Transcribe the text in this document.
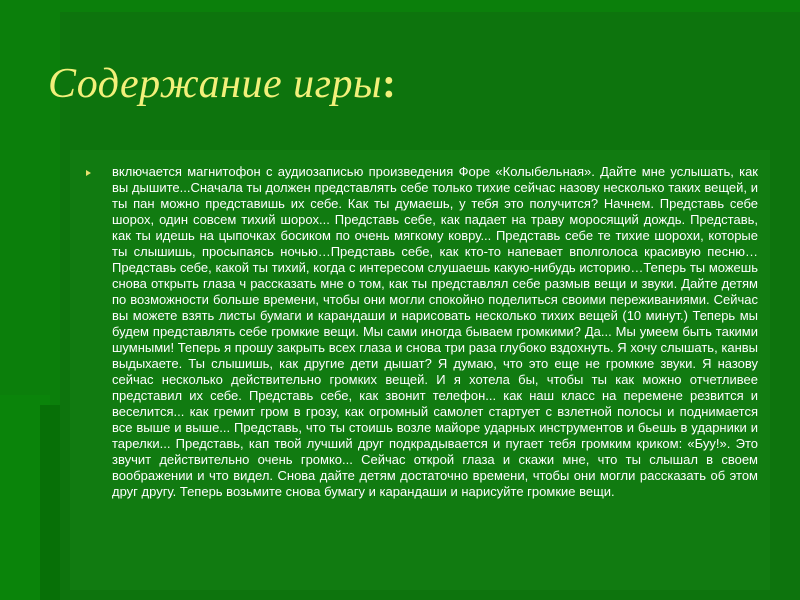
Содержание игры:

включается магнитофон с аудиозаписью произведения Форе «Колыбельная». Дайте мне услышать, как вы дышите...Сначала ты должен представлять себе только тихие сейчас назову несколько таких вещей, и ты пан можно представишь их себе. Как ты думаешь, у тебя это получится? Начнем. Представь себе шорох, один совсем тихий шорох... Представь себе, как падает на траву моросящий дождь. Представь, как ты идешь на цыпочках босиком по очень мягкому ковру... Представь себе те тихие шорохи, которые ты слышишь, просыпаясь ночью…Представь себе, как кто-то напевает вполголоса красивую песню… Представь себе, какой ты тихий, когда с интересом слушаешь какую-нибудь историю…Теперь ты можешь снова открыть глаза ч рассказать мне о том, как ты представлял себе размыв вещи и звуки. Дайте детям по возможности больше времени, чтобы они могли спокойно поделиться своими переживаниями. Сейчас вы можете взять листы бумаги и карандаши и нарисовать несколько тихих вещей (10 минут.) Теперь мы будем представлять себе громкие вещи. Мы сами иногда бываем громкими? Да... Мы умеем быть такими шумными! Теперь я прошу закрыть всех глаза и снова три раза глубоко вздохнуть. Я хочу слышать, канвы выдыхаете. Ты слышишь, как другие дети дышат? Я думаю, что это еще не громкие звуки. Я назову сейчас несколько действительно громких вещей. И я хотела бы, чтобы ты как можно отчетливее представил их себе. Представь себе, как звонит телефон... как наш класс на перемене резвится и веселится... как гремит гром в грозу, как огромный самолет стартует с взлетной полосы и поднимается все выше и выше... Представь, что ты стоишь возле майоре ударных инструментов и бьешь в ударники и тарелки... Представь, кап твой лучший друг подкрадывается и пугает тебя громким криком: «Буу!». Это звучит действительно очень громко... Сейчас открой глаза и скажи мне, что ты слышал в своем воображении и что видел. Снова дайте детям достаточно времени, чтобы они могли рассказать об этом друг другу. Теперь возьмите снова бумагу и карандаши и нарисуйте громкие вещи.
